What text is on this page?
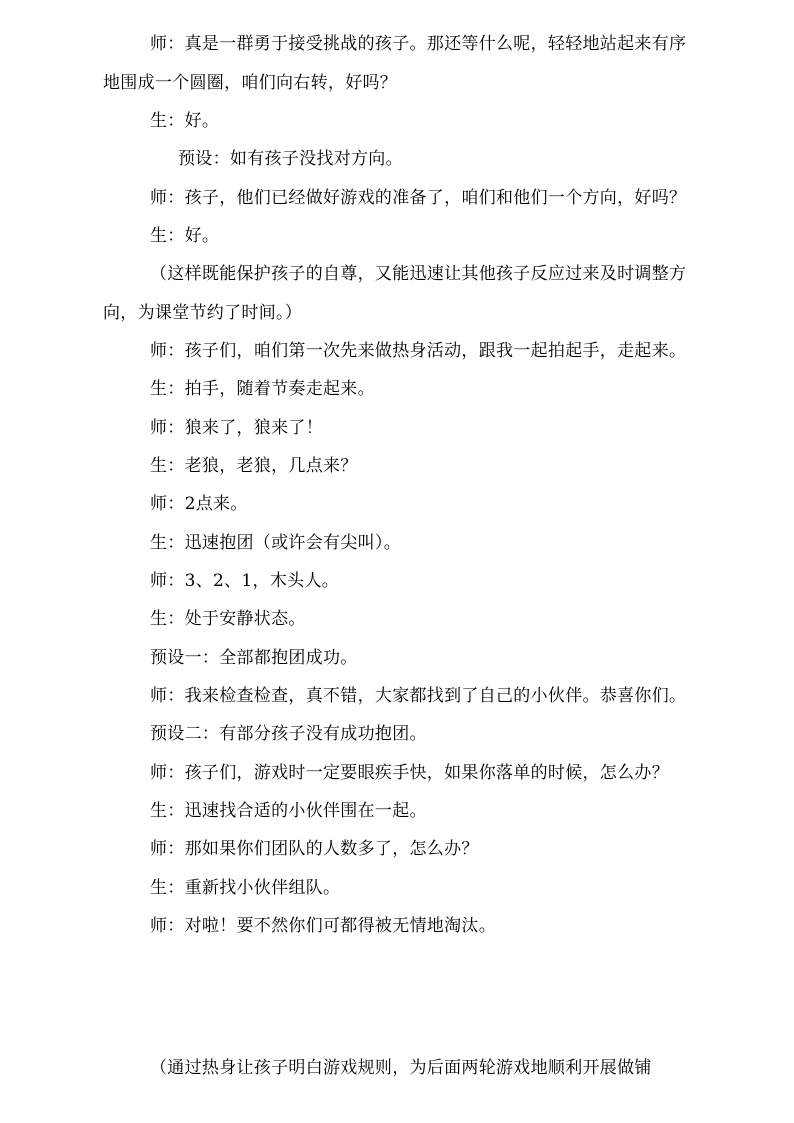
师：真是一群勇于接受挑战的孩子。那还等什么呢，轻轻地站起来有序
地围成一个圆圈，咱们向右转，好吗？
生：好。
预设：如有孩子没找对方向。
师：孩子，他们已经做好游戏的准备了，咱们和他们一个方向，好吗？
生：好。
（这样既能保护孩子的自尊，又能迅速让其他孩子反应过来及时调整方
向，为课堂节约了时间。）
师：孩子们，咱们第一次先来做热身活动，跟我一起拍起手，走起来。
生：拍手，随着节奏走起来。
师：狼来了，狼来了！
生：老狼，老狼，几点来？
师：2点来。
生：迅速抱团（或许会有尖叫）。
师：3、2、1，木头人。
生：处于安静状态。
预设一：全部都抱团成功。
师：我来检查检查，真不错，大家都找到了自己的小伙伴。恭喜你们。
预设二：有部分孩子没有成功抱团。
师：孩子们，游戏时一定要眼疾手快，如果你落单的时候，怎么办？
生：迅速找合适的小伙伴围在一起。
师：那如果你们团队的人数多了，怎么办？
生：重新找小伙伴组队。
师：对啦！要不然你们可都得被无情地淘汰。
（通过热身让孩子明白游戏规则，为后面两轮游戏地顺利开展做铺
